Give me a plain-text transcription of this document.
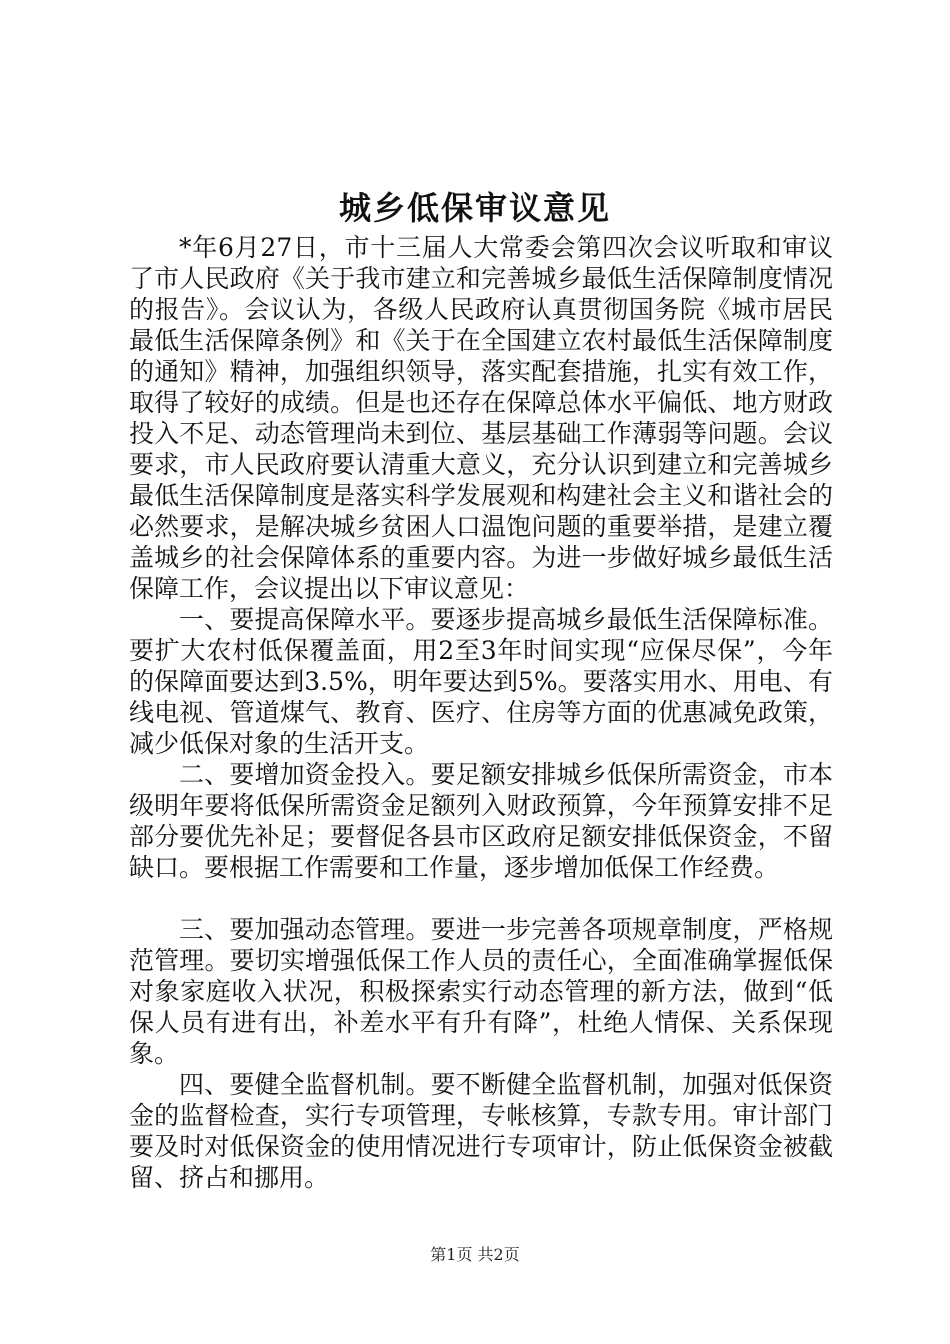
城乡低保审议意见

*年6月27日，市十三届人大常委会第四次会议听取和审议了市人民政府《关于我市建立和完善城乡最低生活保障制度情况的报告》。会议认为，各级人民政府认真贯彻国务院《城市居民最低生活保障条例》和《关于在全国建立农村最低生活保障制度的通知》精神，加强组织领导，落实配套措施，扎实有效工作，取得了较好的成绩。但是也还存在保障总体水平偏低、地方财政投入不足、动态管理尚未到位、基层基础工作薄弱等问题。会议要求，市人民政府要认清重大意义，充分认识到建立和完善城乡最低生活保障制度是落实科学发展观和构建社会主义和谐社会的必然要求，是解决城乡贫困人口温饱问题的重要举措，是建立覆盖城乡的社会保障体系的重要内容。为进一步做好城乡最低生活保障工作，会议提出以下审议意见：

一、要提高保障水平。要逐步提高城乡最低生活保障标准。要扩大农村低保覆盖面，用2至3年时间实现“应保尽保”，今年的保障面要达到3.5%，明年要达到5%。要落实用水、用电、有线电视、管道煤气、教育、医疗、住房等方面的优惠减免政策，减少低保对象的生活开支。

二、要增加资金投入。要足额安排城乡低保所需资金，市本级明年要将低保所需资金足额列入财政预算，今年预算安排不足部分要优先补足；要督促各县市区政府足额安排低保资金，不留缺口。要根据工作需要和工作量，逐步增加低保工作经费。

三、要加强动态管理。要进一步完善各项规章制度，严格规范管理。要切实增强低保工作人员的责任心，全面准确掌握低保对象家庭收入状况，积极探索实行动态管理的新方法，做到“低保人员有进有出，补差水平有升有降”，杜绝人情保、关系保现象。

四、要健全监督机制。要不断健全监督机制，加强对低保资金的监督检查，实行专项管理，专帐核算，专款专用。审计部门要及时对低保资金的使用情况进行专项审计，防止低保资金被截留、挤占和挪用。

第1页 共2页
